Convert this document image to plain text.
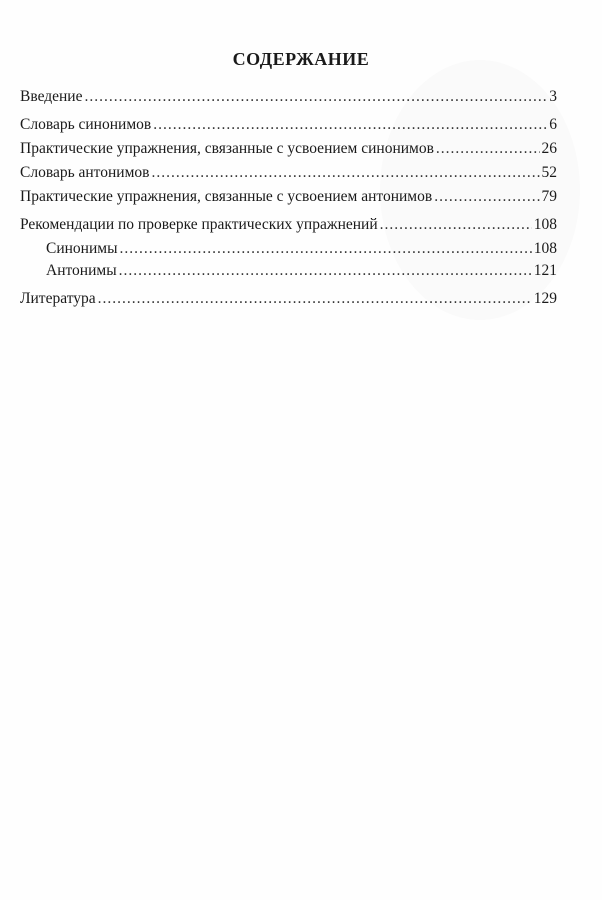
СОДЕРЖАНИЕ
Введение .....	3
Словарь синонимов .....	6
Практические упражнения, связанные с усвоением синонимов .....	26
Словарь антонимов .....	52
Практические упражнения, связанные с усвоением антонимов .....	79
Рекомендации по проверке практических упражнений .....	108
Синонимы .....	108
Антонимы .....	121
Литература .....	129
